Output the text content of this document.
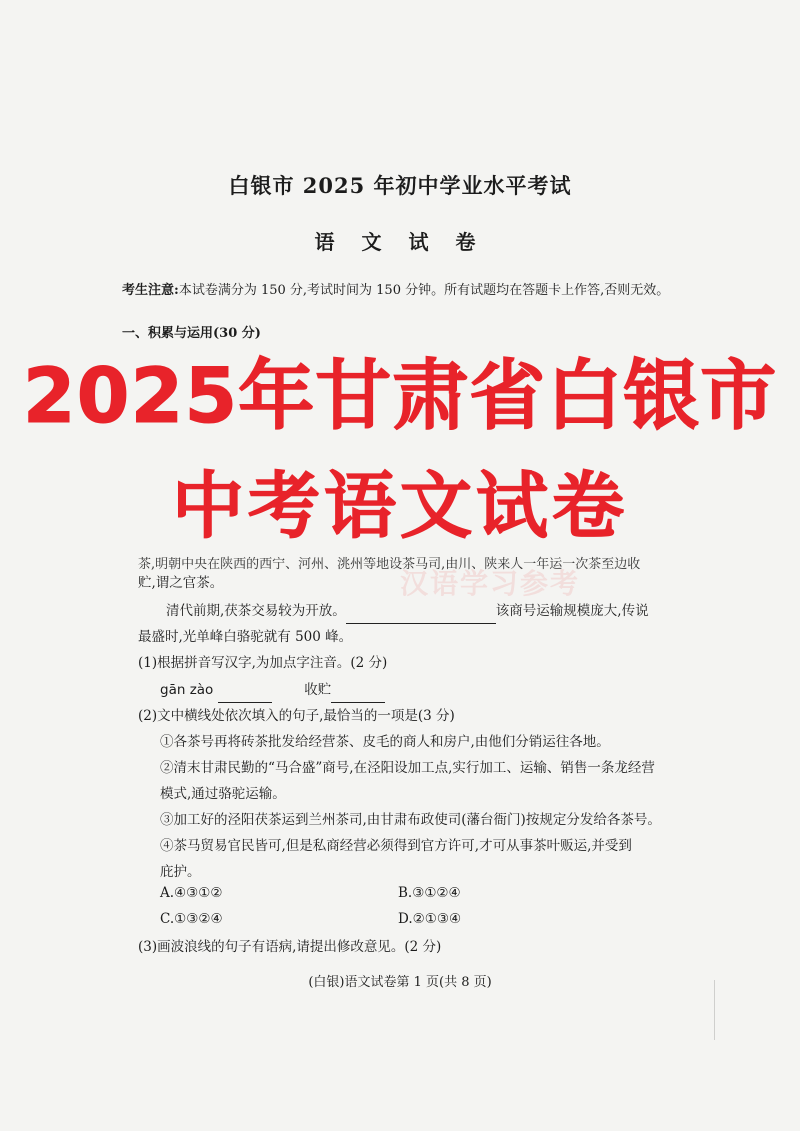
白银市 2025 年初中学业水平考试
语 文 试 卷
考生注意:本试卷满分为 150 分,考试时间为 150 分钟。所有试题均在答题卡上作答,否则无效。
一、积累与运用(30 分)
2025年甘肃省白银市
中考语文试卷
茶,明朝中央在陕西的西宁、河州、洮州等地设茶马司,由川、陕来人一年运一次茶至边收
汉语学习参考
贮,谓之官茶。
清代前期,茯茶交易较为开放。	该商号运输规模庞大,传说
最盛时,光单峰白骆驼就有 500 峰。
(1)根据拼音写汉字,为加点字注音。(2 分)
gān zào	收贮
(2)文中横线处依次填入的句子,最恰当的一项是(3 分)
①各茶号再将砖茶批发给经营茶、皮毛的商人和房户,由他们分销运往各地。
②清末甘肃民勤的“马合盛”商号,在泾阳设加工点,实行加工、运输、销售一条龙经营
模式,通过骆驼运输。
③加工好的泾阳茯茶运到兰州茶司,由甘肃布政使司(藩台衙门)按规定分发给各茶号。
④茶马贸易官民皆可,但是私商经营必须得到官方许可,才可从事茶叶贩运,并受到
庇护。
A.④③①②	B.③①②④
C.①③②④	D.②①③④
(3)画波浪线的句子有语病,请提出修改意见。(2 分)
(白银)语文试卷第 1 页(共 8 页)
